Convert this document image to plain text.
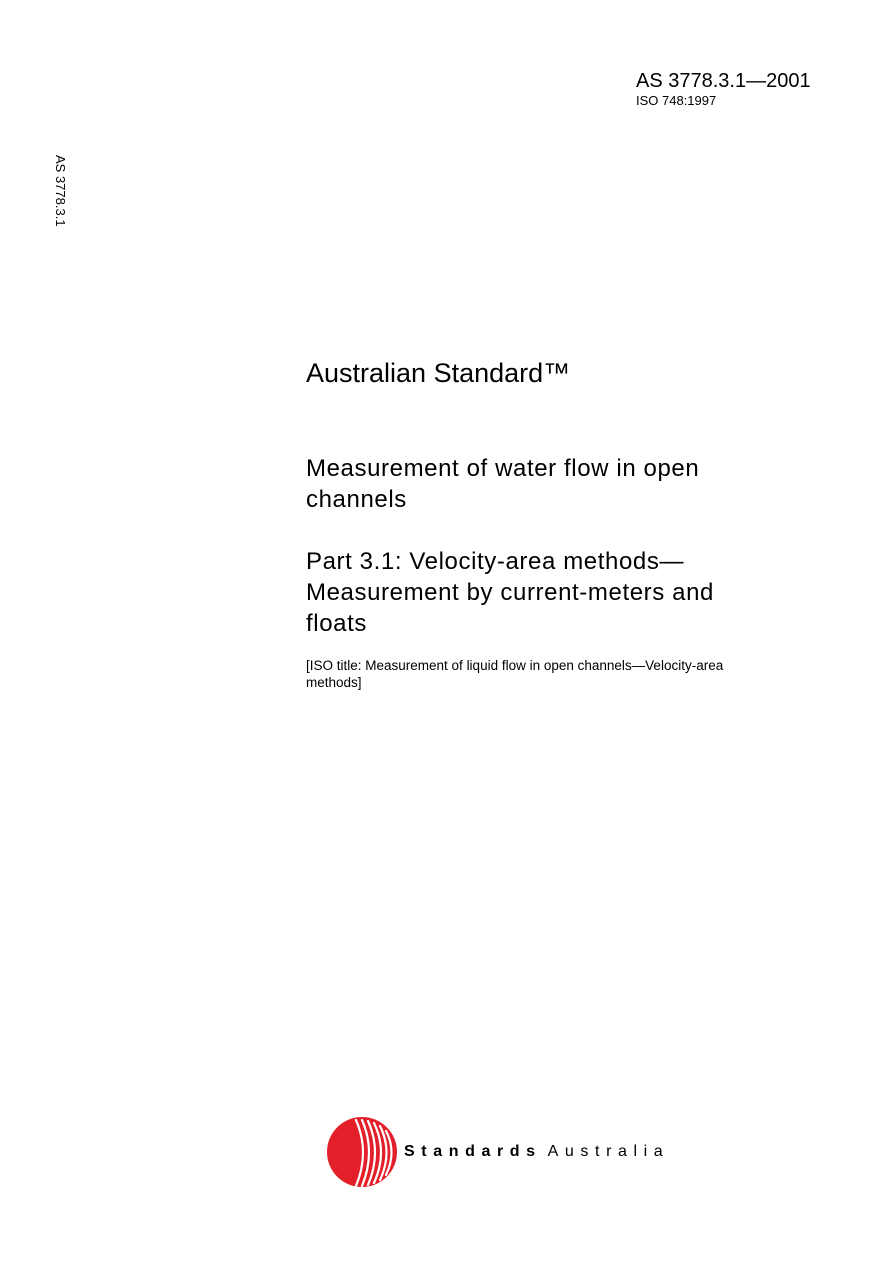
AS 3778.3.1—2001
ISO 748:1997
AS 3778.3.1
Australian Standard™
Measurement of water flow in open
channels
Part 3.1: Velocity-area methods—
Measurement by current-meters and
floats
[ISO title: Measurement of liquid flow in open channels—Velocity-area
methods]
Standards Australia
